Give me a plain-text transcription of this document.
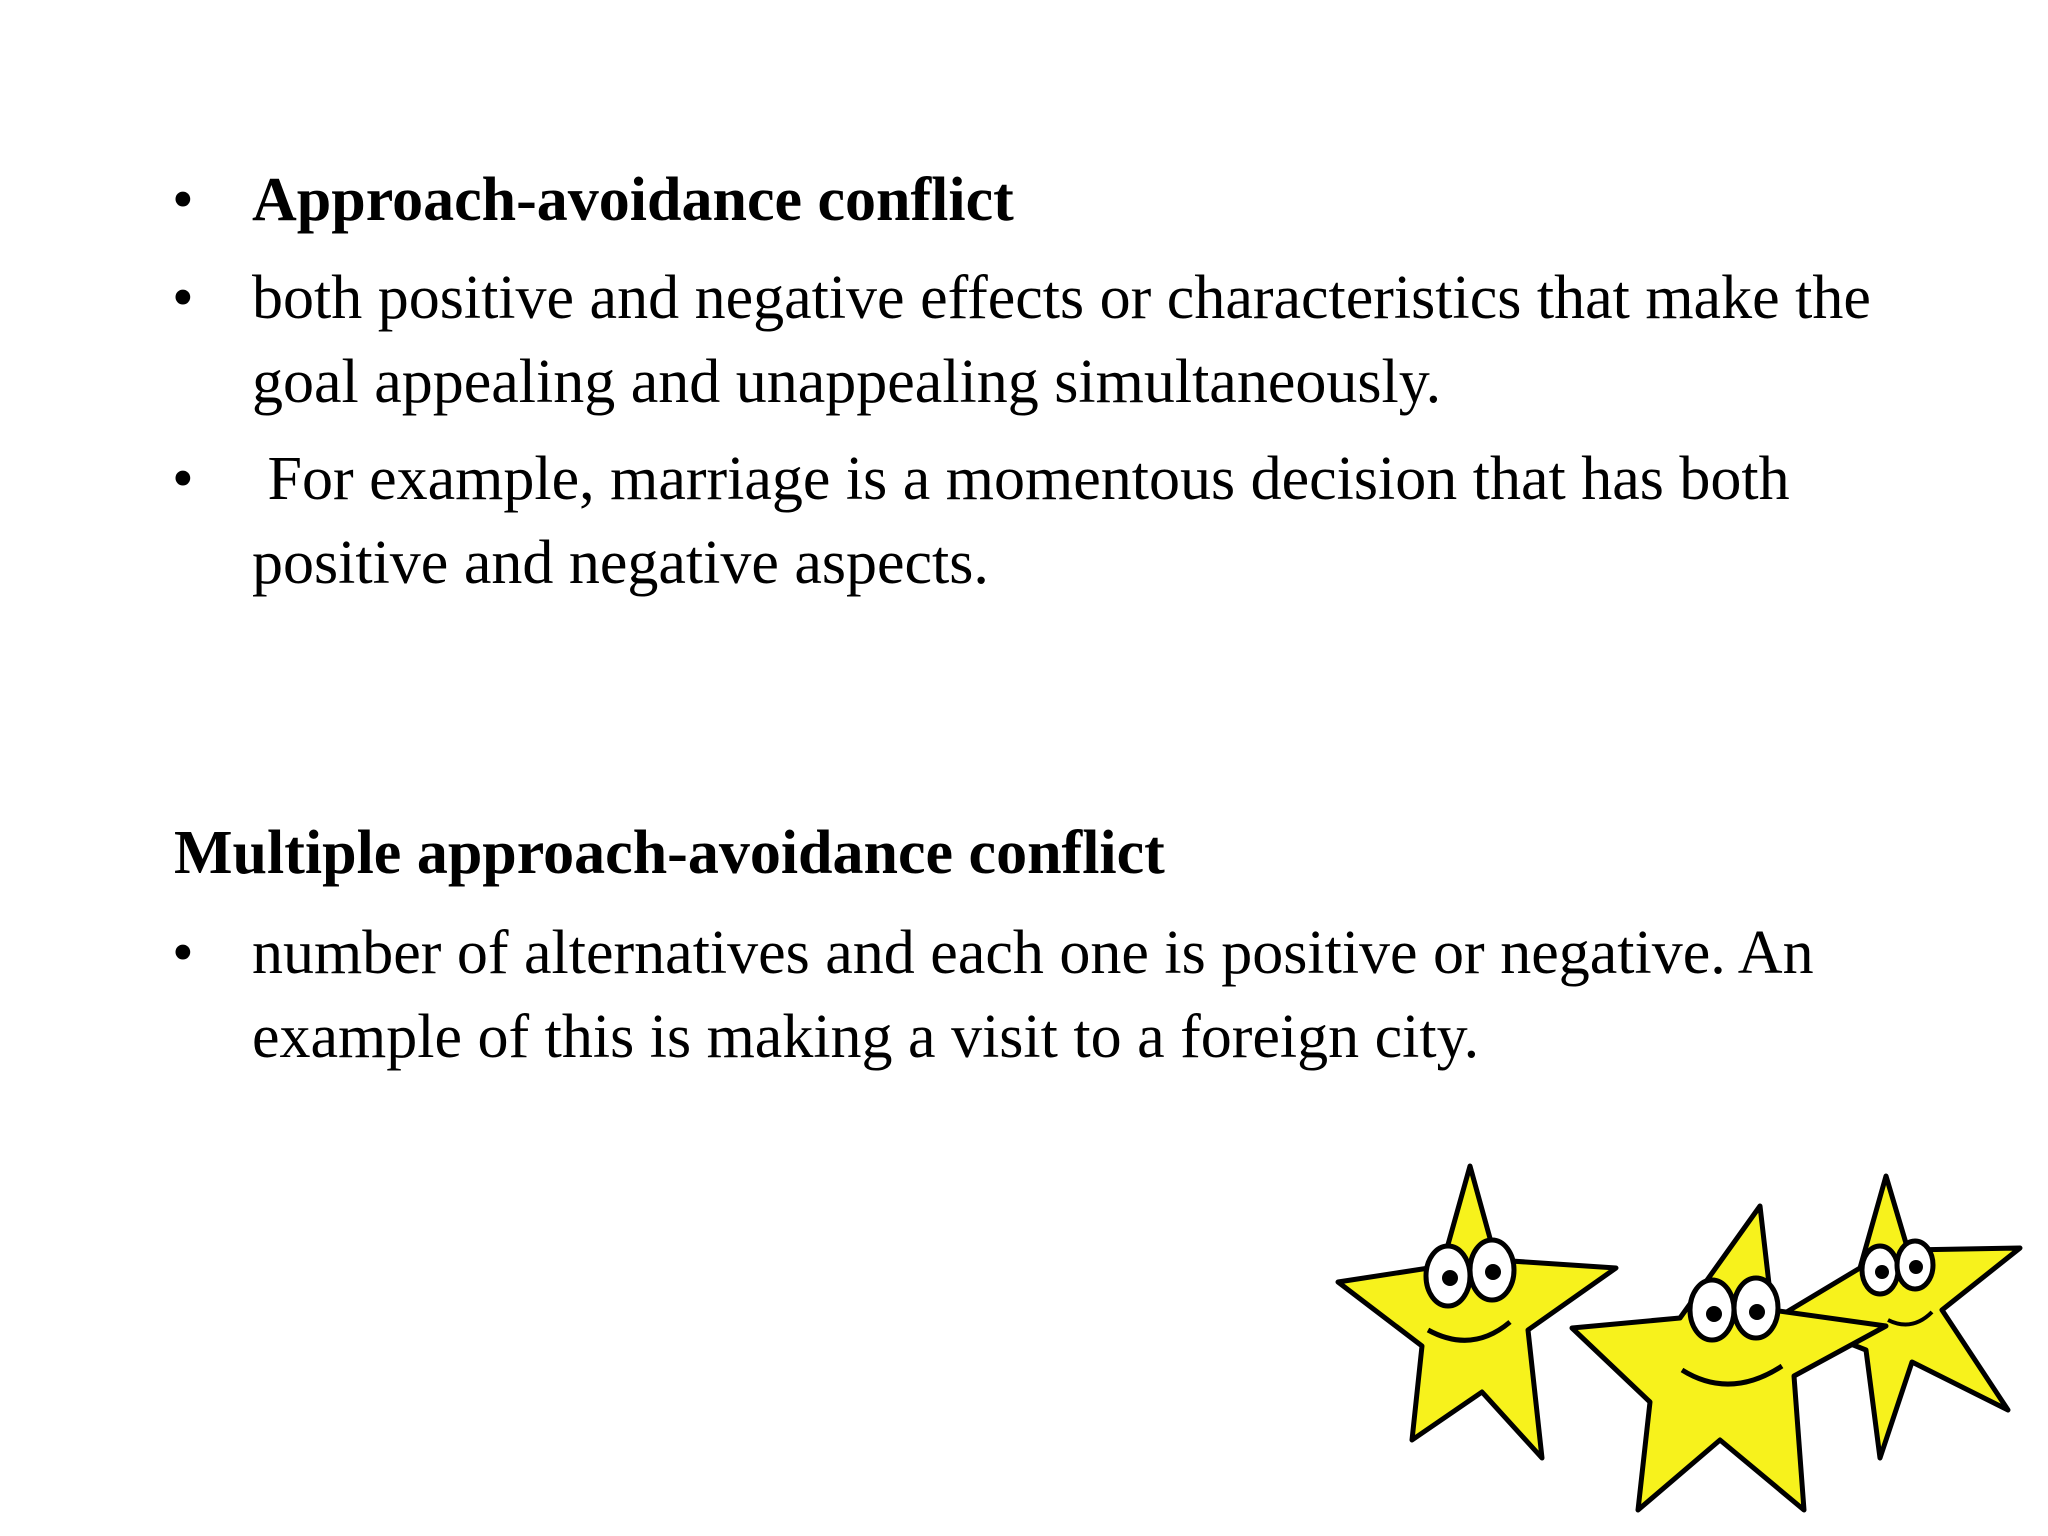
• Approach-avoidance conflict
• both positive and negative effects or characteristics that make the goal appealing and unappealing simultaneously.
• For example, marriage is a momentous decision that has both positive and negative aspects.
Multiple approach-avoidance conflict
• number of alternatives and each one is positive or negative. An example of this is making a visit to a foreign city.
